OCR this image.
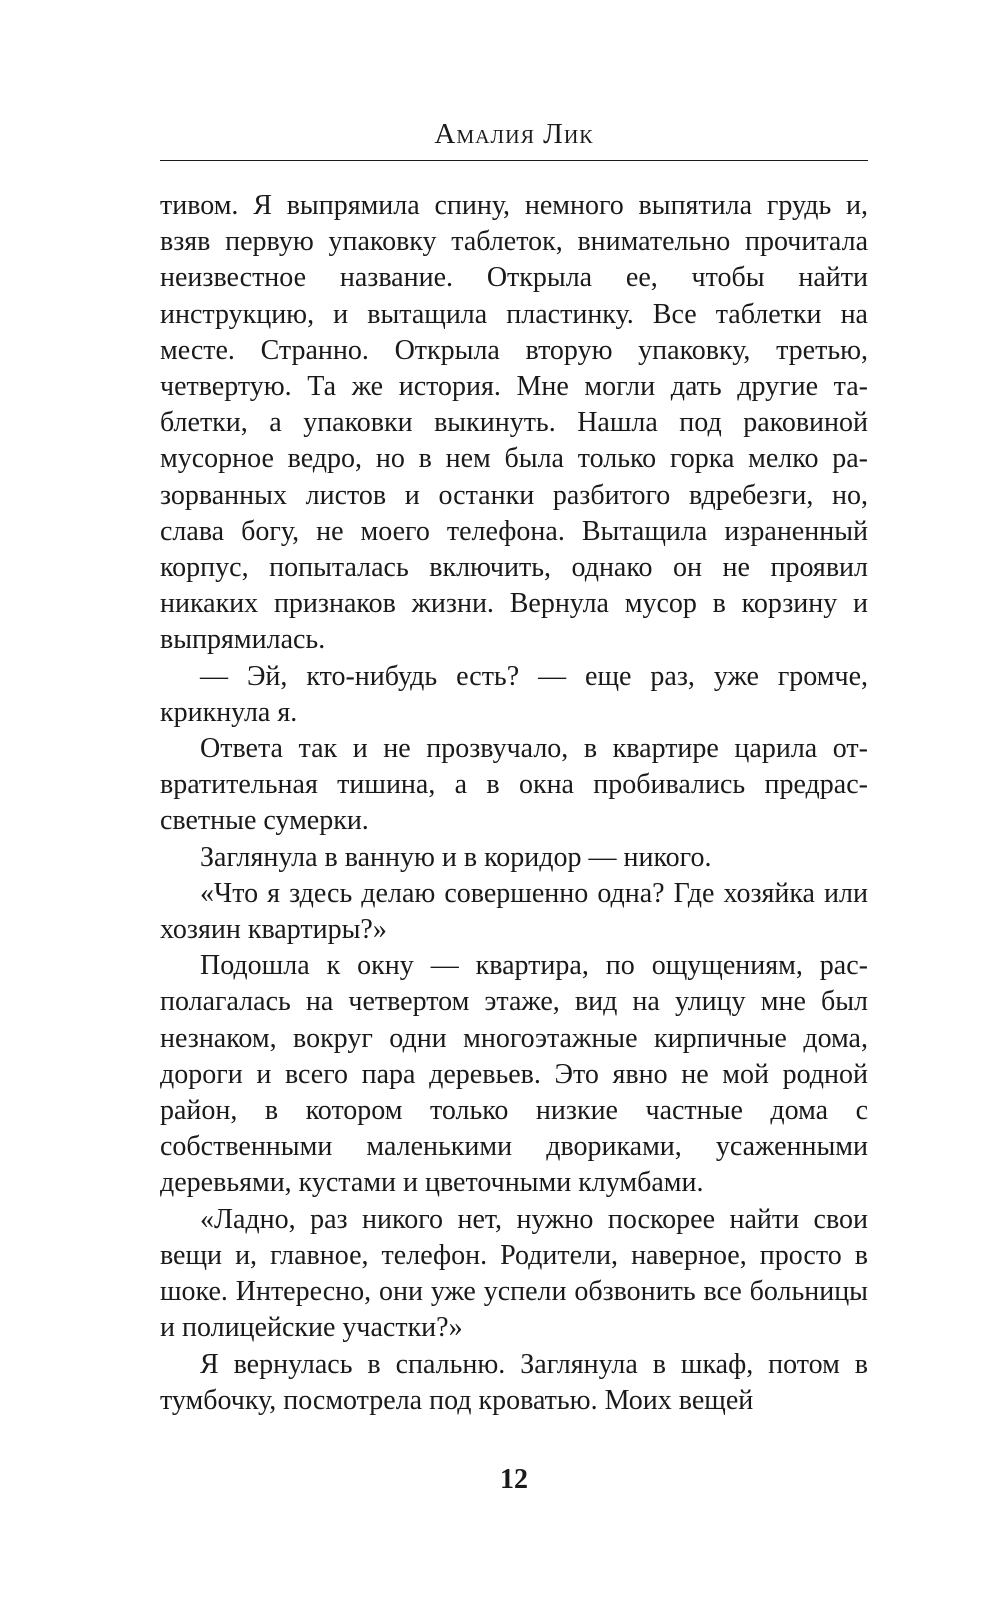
Амалия Лик

тивом. Я выпрямила спину, немного выпятила грудь и, взяв первую упаковку таблеток, внимательно прочитала неизвестное название. Открыла ее, чтобы найти инструкцию, и вытащила пластинку. Все таблетки на месте. Странно. Открыла вторую упаковку, третью, четвертую. Та же история. Мне могли дать другие таблетки, а упаковки выкинуть. Нашла под раковиной мусорное ведро, но в нем была только горка мелко разорванных листов и останки разбитого вдребезги, но, слава богу, не моего телефона. Вытащила израненный корпус, попыталась включить, однако он не проявил никаких признаков жизни. Вернула мусор в корзину и выпрямилась.

— Эй, кто-нибудь есть? — еще раз, уже громче, крикнула я.

Ответа так и не прозвучало, в квартире царила отвратительная тишина, а в окна пробивались предрассветные сумерки.

Заглянула в ванную и в коридор — никого.

«Что я здесь делаю совершенно одна? Где хозяйка или хозяин квартиры?»

Подошла к окну — квартира, по ощущениям, располагалась на четвертом этаже, вид на улицу мне был незнаком, вокруг одни многоэтажные кирпичные дома, дороги и всего пара деревьев. Это явно не мой родной район, в котором только низкие частные дома с собственными маленькими двориками, усаженными деревьями, кустами и цветочными клумбами.

«Ладно, раз никого нет, нужно поскорее найти свои вещи и, главное, телефон. Родители, наверное, просто в шоке. Интересно, они уже успели обзвонить все больницы и полицейские участки?»

Я вернулась в спальню. Заглянула в шкаф, потом в тумбочку, посмотрела под кроватью. Моих вещей

12
